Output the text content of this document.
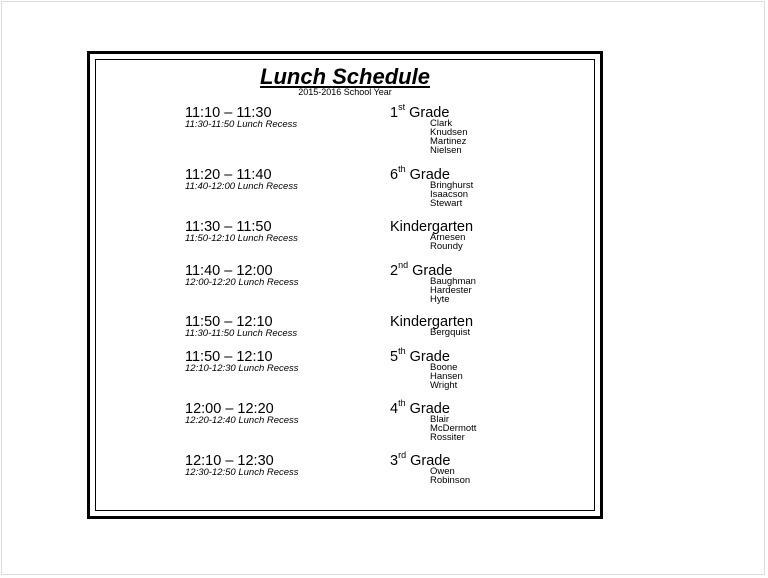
Lunch Schedule
2015-2016 School Year
11:10 – 11:30
11:30-11:50 Lunch Recess
1st Grade
Clark
Knudsen
Martinez
Nielsen
11:20 – 11:40
11:40-12:00 Lunch Recess
6th Grade
Bringhurst
Isaacson
Stewart
11:30 – 11:50
11:50-12:10 Lunch Recess
Kindergarten
Arnesen
Roundy
11:40 – 12:00
12:00-12:20 Lunch Recess
2nd Grade
Baughman
Hardester
Hyte
11:50 – 12:10
11:30-11:50 Lunch Recess
Kindergarten
Bergquist
11:50 – 12:10
12:10-12:30 Lunch Recess
5th Grade
Boone
Hansen
Wright
12:00 – 12:20
12:20-12:40 Lunch Recess
4th Grade
Blair
McDermott
Rossiter
12:10 – 12:30
12:30-12:50 Lunch Recess
3rd Grade
Owen
Robinson
